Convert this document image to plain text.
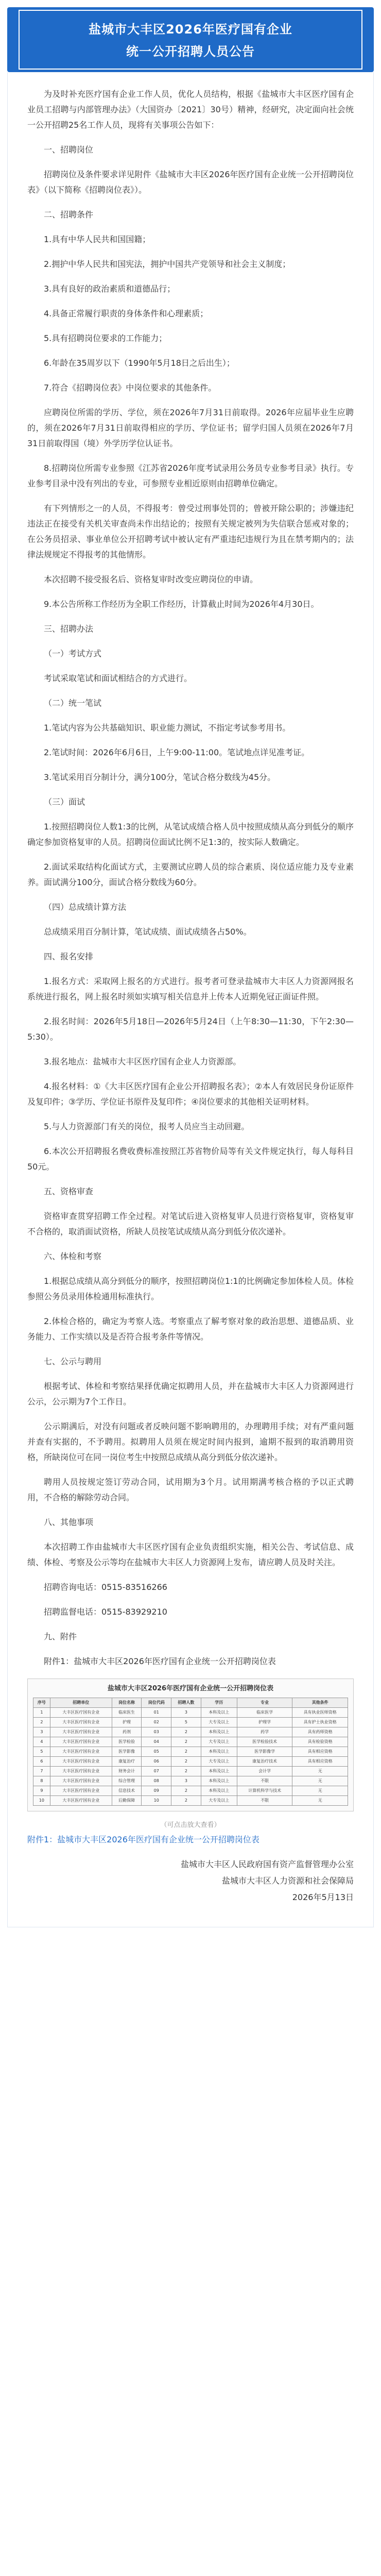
盐城市大丰区2026年医疗国有企业
统一公开招聘人员公告

为及时补充医疗国有企业工作人员，优化人员结构，根据《盐城市大丰区医疗国有企业员工招聘与内部管理办法》（大国资办〔2021〕30号）精神，经研究，决定面向社会统一公开招聘25名工作人员，现将有关事项公告如下：

一、招聘岗位

招聘岗位及条件要求详见附件《盐城市大丰区2026年医疗国有企业统一公开招聘岗位表》（以下简称《招聘岗位表》）。

二、招聘条件

1.具有中华人民共和国国籍；

2.拥护中华人民共和国宪法，拥护中国共产党领导和社会主义制度；

3.具有良好的政治素质和道德品行；

4.具备正常履行职责的身体条件和心理素质；

5.具有招聘岗位要求的工作能力；

6.年龄在35周岁以下（1990年5月18日之后出生）；

7.符合《招聘岗位表》中岗位要求的其他条件。

应聘岗位所需的学历、学位，须在2026年7月31日前取得。2026年应届毕业生应聘的，须在2026年7月31日前取得相应的学历、学位证书；留学归国人员须在2026年7月31日前取得国（境）外学历学位认证书。

8.招聘岗位所需专业参照《江苏省2026年度考试录用公务员专业参考目录》执行。专业参考目录中没有列出的专业，可参照专业相近原则由招聘单位确定。

有下列情形之一的人员，不得报考：曾受过刑事处罚的；曾被开除公职的；涉嫌违纪违法正在接受有关机关审查尚未作出结论的；按照有关规定被列为失信联合惩戒对象的；在公务员招录、事业单位公开招聘考试中被认定有严重违纪违规行为且在禁考期内的；法律法规规定不得报考的其他情形。

本次招聘不接受报名后、资格复审时改变应聘岗位的申请。

9.本公告所称工作经历为全职工作经历，计算截止时间为2026年4月30日。

三、招聘办法

（一）考试方式

考试采取笔试和面试相结合的方式进行。

（二）统一笔试

1.笔试内容为公共基础知识、职业能力测试，不指定考试参考用书。

2.笔试时间：2026年6月6日，上午9:00-11:00。笔试地点详见准考证。

3.笔试采用百分制计分，满分100分，笔试合格分数线为45分。

（三）面试

1.按照招聘岗位人数1:3的比例，从笔试成绩合格人员中按照成绩从高分到低分的顺序确定参加资格复审的人员。招聘岗位面试比例不足1:3的，按实际人数确定。

2.面试采取结构化面试方式，主要测试应聘人员的综合素质、岗位适应能力及专业素养。面试满分100分，面试合格分数线为60分。

（四）总成绩计算方法

总成绩采用百分制计算，笔试成绩、面试成绩各占50%。

四、报名安排

1.报名方式：采取网上报名的方式进行。报考者可登录盐城市大丰区人力资源网报名系统进行报名，网上报名时须如实填写相关信息并上传本人近期免冠正面证件照。

2.报名时间：2026年5月18日—2026年5月24日（上午8:30—11:30，下午2:30—5:30）。

3.报名地点：盐城市大丰区医疗国有企业人力资源部。

4.报名材料：①《大丰区医疗国有企业公开招聘报名表》；②本人有效居民身份证原件及复印件；③学历、学位证书原件及复印件；④岗位要求的其他相关证明材料。

5.与人力资源部门有关的岗位，报考人员应当主动回避。

6.本次公开招聘报名费收费标准按照江苏省物价局等有关文件规定执行，每人每科目50元。

五、资格审查

资格审查贯穿招聘工作全过程。对笔试后进入资格复审人员进行资格复审，资格复审不合格的，取消面试资格，所缺人员按笔试成绩从高分到低分依次递补。

六、体检和考察

1.根据总成绩从高分到低分的顺序，按照招聘岗位1:1的比例确定参加体检人员。体检参照公务员录用体检通用标准执行。

2.体检合格的，确定为考察人选。考察重点了解考察对象的政治思想、道德品质、业务能力、工作实绩以及是否符合报考条件等情况。

七、公示与聘用

根据考试、体检和考察结果择优确定拟聘用人员，并在盐城市大丰区人力资源网进行公示，公示期为7个工作日。

公示期满后，对没有问题或者反映问题不影响聘用的，办理聘用手续；对有严重问题并查有实据的，不予聘用。拟聘用人员须在规定时间内报到，逾期不报到的取消聘用资格，所缺岗位可在同一岗位考生中按照总成绩从高分到低分依次递补。

聘用人员按规定签订劳动合同，试用期为3个月。试用期满考核合格的予以正式聘用，不合格的解除劳动合同。

八、其他事项

本次招聘工作由盐城市大丰区医疗国有企业负责组织实施，相关公告、考试信息、成绩、体检、考察及公示等均在盐城市大丰区人力资源网上发布，请应聘人员及时关注。

招聘咨询电话：0515-83516266

招聘监督电话：0515-83929210

九、附件

附件1：盐城市大丰区2026年医疗国有企业统一公开招聘岗位表

盐城市大丰区2026年医疗国有企业统一公开招聘岗位表
序号	招聘单位	岗位名称	岗位代码	招聘人数	学历	专业	其他条件
1	大丰区医疗国有企业	临床医生	01	3	本科及以上	临床医学	具有执业医师资格
2	大丰区医疗国有企业	护理	02	5	大专及以上	护理学	具有护士执业资格
3	大丰区医疗国有企业	药剂	03	2	本科及以上	药学	具有药师资格
4	大丰区医疗国有企业	医学检验	04	2	大专及以上	医学检验技术	具有检验资格
5	大丰区医疗国有企业	医学影像	05	2	本科及以上	医学影像学	具有相应资格
6	大丰区医疗国有企业	康复治疗	06	2	大专及以上	康复治疗技术	具有相应资格
7	大丰区医疗国有企业	财务会计	07	2	本科及以上	会计学	无
8	大丰区医疗国有企业	综合管理	08	3	本科及以上	不限	无
9	大丰区医疗国有企业	信息技术	09	2	本科及以上	计算机科学与技术	无
10	大丰区医疗国有企业	后勤保障	10	2	大专及以上	不限	无
（可点击放大查看）

附件1：盐城市大丰区2026年医疗国有企业统一公开招聘岗位表

盐城市大丰区人民政府国有资产监督管理办公室

盐城市大丰区人力资源和社会保障局

2026年5月13日
